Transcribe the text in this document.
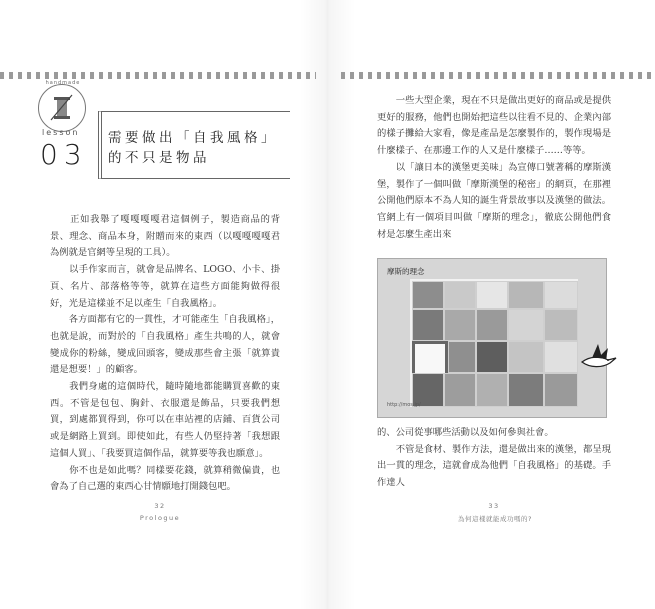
handmade
lesson
03 需要做出「自我風格」
的不只是物品

　　正如我舉了嘎嘎嘎嘎君這個例子，製造商品的背景、理念、商品本身，附贈而來的東西（以嘎嘎嘎嘎君為例就是官網等呈現的工具）。

　　以手作家而言，就會是品牌名、LOGO、小卡、掛頁、名片、部落格等等，就算在這些方面能夠做得很好，光是這樣並不足以產生「自我風格」。

　　各方面都有它的一貫性，才可能產生「自我風格」，也就是說，而對於的「自我風格」產生共鳴的人，就會變成你的粉絲，變成回頭客，變成那些會主張「就算貴還是想要！」的顧客。

　　我們身處的這個時代，隨時隨地都能購買喜歡的東西。不管是包包、胸針、衣服還是飾品，只要我們想買，到處都買得到，你可以在車站裡的店鋪、百貨公司或是網路上買到。即使如此，有些人仍堅持著「我想跟這個人買」、「我要買這個作品，就算要等我也願意」。

　　你不也是如此嗎？同樣要花錢，就算稍微偏貴，也會為了自己選的東西心甘情願地打開錢包吧。

32
Prologue

　　一些大型企業，現在不只是做出更好的商品或是提供更好的服務，他們也開始把這些以往看不見的、企業內部的樣子攤給大家看，像是產品是怎麼製作的，製作現場是什麼樣子、在那邊工作的人又是什麼樣子……等等。

　　以「讓日本的漢堡更美味」為宣傳口號著稱的摩斯漢堡，製作了一個叫做「摩斯漢堡的秘密」的網頁，在那裡公開他們原本不為人知的誕生背景故事以及漢堡的做法。官網上有一個項目叫做「摩斯的理念」，徹底公開他們食材是怎麼生產出來

摩斯的理念
http://mos.jp/

的、公司從事哪些活動以及如何參與社會。

　　不管是食材、製作方法，還是做出來的漢堡，都呈現出一貫的理念，這就會成為他們「自我風格」的基礎。手作達人

33
為何這樣就能成功嗎的?
